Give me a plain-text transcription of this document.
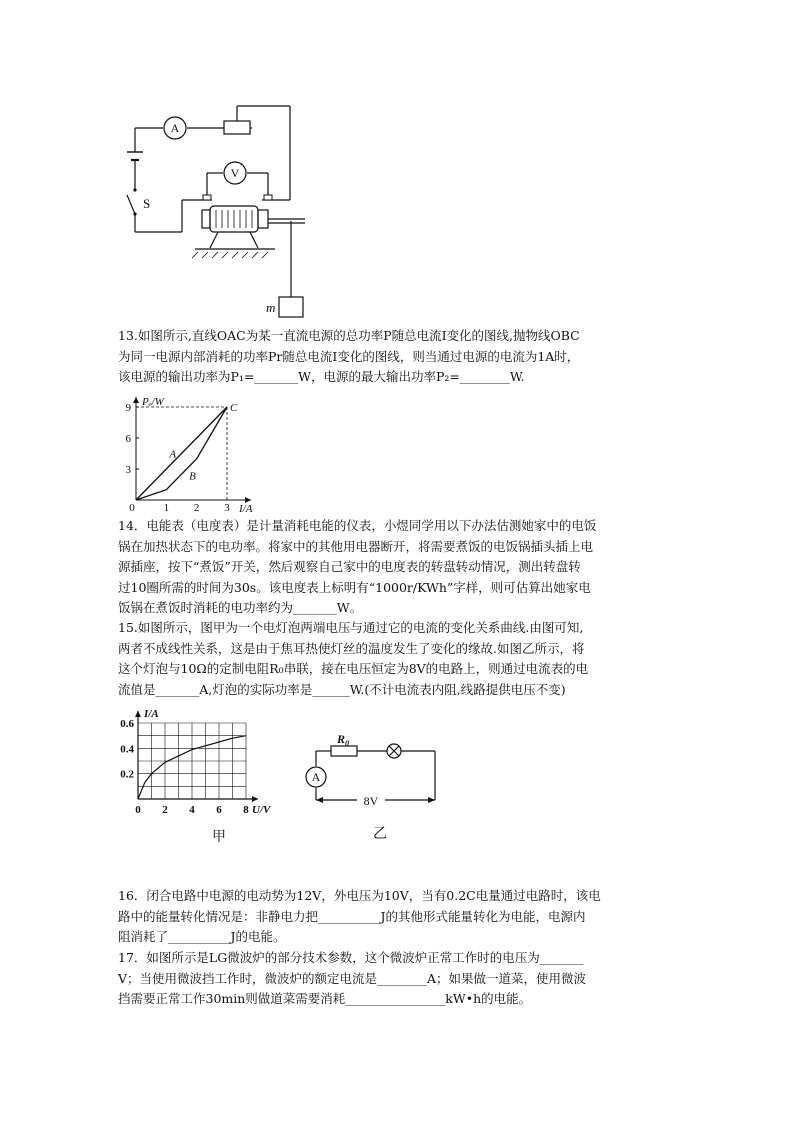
A
V
S
m
13.如图所示,直线OAC为某一直流电源的总功率P随总电流I变化的图线,抛物线OBC
为同一电源内部消耗的功率Pr随总电流I变化的图线，则当通过电源的电流为1A时，
该电源的输出功率为P₁=_______W，电源的最大输出功率P₂=________W.
0	1 2 3
3
6
9 Pₑ/W
I/A
A
B
C
14．电能表（电度表）是计量消耗电能的仪表，小煜同学用以下办法估测她家中的电饭
锅在加热状态下的电功率。将家中的其他用电器断开，将需要煮饭的电饭锅插头插上电
源插座，按下“煮饭”开关，然后观察自己家中的电度表的转盘转动情况，测出转盘转
过10圈所需的时间为30s。该电度表上标明有“1000r/KWh”字样，则可估算出她家电
饭锅在煮饭时消耗的电功率约为_______W。
15.如图所示，图甲为一个电灯泡两端电压与通过它的电流的变化关系曲线.由图可知,
两者不成线性关系，这是由于焦耳热使灯丝的温度发生了变化的缘故.如图乙所示，将
这个灯泡与10Ω的定制电阻R₀串联，接在电压恒定为8V的电路上，则通过电流表的电
流值是_______A,灯泡的实际功率是______W.(不计电流表内阻,线路提供电压不变)
0 2 4 6 8
0.2
0.4
0.6
I/A
U/V
甲
A
$R_0$
8V
乙
16．闭合电路中电源的电动势为12V，外电压为10V，当有0.2C电量通过电路时，该电
路中的能量转化情况是：非静电力把__________J的其他形式能量转化为电能，电源内
阻消耗了__________J的电能。
17．如图所示是LG微波炉的部分技术参数，这个微波炉正常工作时的电压为_______
V；当使用微波挡工作时，微波炉的额定电流是________A；如果做一道菜，使用微波
挡需要正常工作30min则做道菜需要消耗________________kW•h的电能。
